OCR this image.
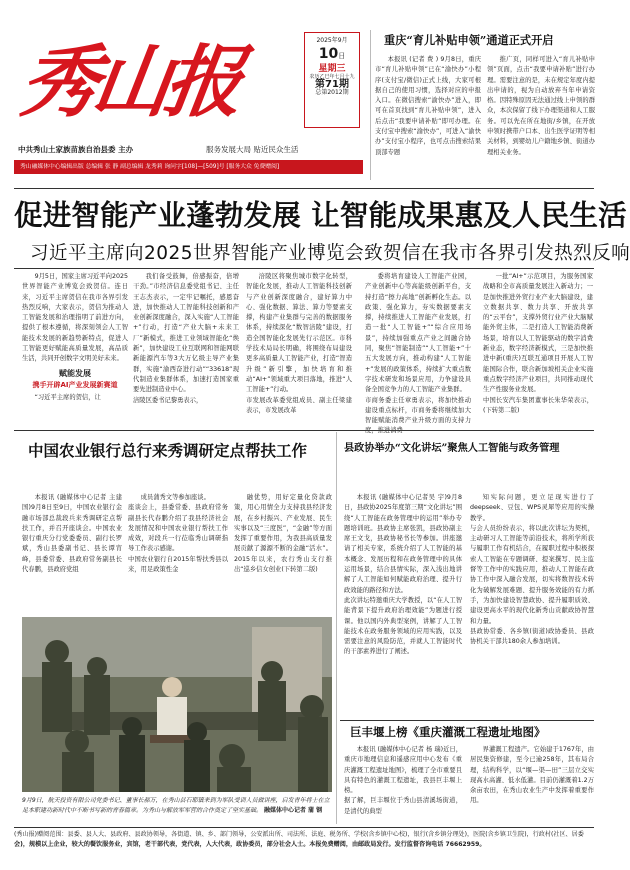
秀山报	2025年9月
10日
星期三
农历乙巳年七月十九
第71期
总第2012期
中共秀山土家族苗族自治县委 主办	服务发展大局 贴近民众生活
秀山融媒体中心编辑出版 总编辑 张 静 副总编辑 龙秀莉 询问字[108]—[509]号 [服务大众 免费赠阅]
重庆“育儿补贴申领”通道正式开启

本报讯 (记者 费 ) 9月8日，重庆市“育儿补贴申领”已在“渝快办”小程序(支付宝/微信)正式上线，大家可根据自己的使用习惯，选择对应的申报入口。在微信搜索“渝快办”进入，即可在首页找到“育儿补贴申领”，进入后点击“我要申请补贴”即可办理。在支付宝中搜索“渝快办”，可进入“渝快办”支付宝小程序，也可点击搜索结果顶部专题

推广页，同样可进入“育儿补贴申领”页面，点击“我要申请补贴”进行办理。需要注意的是，未在规定年度内提出申请的，视为自动放弃当年申请资格。因特殊原因无法通过线上申领的群众，本次保留了线下办理渠道和人工服务。可以先在所在地街/乡镇，在开放申领时携带户口本、出生医学证明等相关材料，到婴幼儿户籍地乡镇、街道办理相关业务。

促进智能产业蓬勃发展 让智能成果惠及人民生活
习近平主席向2025世界智能产业博览会致贺信在我市各界引发热烈反响

9月5日，国家主席习近平向2025世界智能产业博览会致贺信。连日来，习近平主席贺信在我市各界引发热烈反响，大家表示，贺信为推动人工智能发展和治理指明了前进方向，提供了根本遵循，将深刻领会人工智能技术发展的新趋势新特点，促进人工智能更好赋能高质量发展，高品质生活，共同开创数字文明美好未来。

赋能发展
携手开辟AI产业发展新赛道

“习近平主席的贺信，让

我们备受鼓舞，倍感振奋，倍增干劲。”市经济信息委党组书记、主任王志杰表示，一定牢记嘱托，感恩奋进，加快推动人工智能科技创新和产业创新深度融合，深入实施“人工智能+”行动，打造“产业大脑+未来工厂”新模式，推进工业领域智能化“焕新”，加快建设工业互联网和智能网联新能源汽车等3大万亿级主导产业集群，实施“渝西奋进行动”“33618”现代制造业集群体系，加速打造国家重要先进制造业中心。
涪陵区委书记黎勇表示，

涪陵区将聚焦城市数字化转型，智能化发展，推动人工智能科技创新与产业创新深度融合，建好算力中心、强化数据、算法、算力等要素支撑，构建产业集群与完善的数据服务体系，持续深化“数智涪陵”建设，打造全国智能化发展先行示范区。市科学技术局局长明确，将围绕布局建设更多高质量人工智能产业，打造“智造升级”新引擎，加快培育和推动“AI+”领域重大项目落地，推进“人工智能+”行动。
市发展改革委党组成员、副主任梁建表示，市发展改革

委将培育建设人工智能产业园，产业创新中心等高能级创新平台，支持打造“擦力高地”创新孵化生态。以政策、强化算力，夯实数据要素支撑，持续推进人工智能产业发展，打造一批“人工智能+”“综合应用场景”，持续加强重点产业之间融合协同，聚焦“智能制造”“人工智能+”十五大发展方向，推动构建“人工智能+”发展的政策体系，持续扩大重点数字技术研发和场景应用，力争建设具备全国竞争力的人工智能产业集群。
市商务委主任章勇表示，将加快推动建设重点标杆，市商务委将继续加大智能赋能消费产业升级方面的支持力

一批“AI+”示范项目，为服务国家战略和全市高质量发展注入新动力；一是加快推进外贸行业产业大脑建设，建立数据共享、数力共享、开放共享的“云平台”，支撑外贸行业产业大脑赋能外贸主体，二是打造人工智能消费新场景，培育以人工智能驱动的数字消费新业态，数字经济新模式，三是加快推进中新(重庆)互联互通项目开展人工智能国际合作，联合新加坡相关企业实施重点数字经济产业项目，共同推动现代生产性服务业发展。
中国长安汽车集团董事长朱华荣表示，(下转第二版)

中国农业银行总行来秀调研定点帮扶工作

本报讯 (融媒体中心记者 主建国)9月8日至9日，中国农业银行金融市场部总裁段兵来秀调研定点帮扶工作，并召开座谈会。中国农业银行重庆分行党委委员、副行长罗斌，秀山县委副书记、县长谭宵峰，县委常委、县政府常务副县长代春鹏，县政府党组

成员蒲秀文等参加座谈。
座谈会上，县委常委、县政府常务副县长代春鹏介绍了我县经济社会发展情况和中国农业银行帮扶工作成效，对段兵一行莅临秀山调研指导工作表示感谢。
中国农业银行自2015年帮扶秀县以来，用足政策性金

融优势，用好定量化贷款政策，用心用情全力支持我县经济发展，在乡村振兴、产业发展、民生实事以及“三度医”，“金融”等方面发挥了重要作用，为我县高质量发展贡献了源源不断的金融“活水”。2015年以来，农行秀山支行推出“巡乡信女创业(下转第二版)

9月9日，航天投资有限公司党委书记、董事长郝万，在秀山县石耶镇来到为军队受训人员做讲座，启发青年将士在立足本职建功新时代中不断书写新的青春篇章。为秀山与解放军军营的合作奠定了坚实基础。 融媒体中心记者 蒲 钢
县政协举办“文化讲坛”聚焦人工智能与政务管理

本报讯 (融媒体中心记者吴 宇)9月8日，县政协2025年度第三期“文化讲坛”围绕“人工智能在政务管理中的运用”举办专题培训班。县政协主席张凯，县政协副主席王文戈，县政协秘书长等参加。讲座邀请了相关专家，系统介绍了人工智能的基本概念、发展历程和在政务管理中的具体运用场景，结合县情实际，深入浅出地讲解了人工智能如何赋能政府治理、提升行政效能的路径和方法。
此次讲坛特邀重庆大学教授，以“在人工智能背景下提升政府治理效能”为题进行授课。他以国内外典型案例，讲解了人工智能技术在政务服务领域的应用实践，以及需要注意的风险防范，并就人工智能时代的干部素养进行了阐述。

知实际问题，更立足现实进行了deepseek、豆包、WPS灵犀等应用的实操教学。
与会人员纷纷表示，将以此次讲坛为契机，主动研习人工智能等前沿技术，将所学所获与履职工作有机结合，在履职过程中积极探索人工智能在专题调研、提案撰写、民主监督等工作中的实践应用，推动人工智能在政协工作中深入融合发展，切实将数智技术转化为破解发展难题、提升服务效能的有力抓手，为加快建设智慧政协、提升履职质效、建设更高水平的现代化新秀山贡献政协智慧和力量。
县政协常委、各乡镇(街道)政协委员、县政协机关干部共180余人参加培训。

巨丰堰上榜《重庆灌溉工程遗址地图》

本报讯 (融媒体中心记者 杨 瑞)近日，重庆市地理信息和遥感应用中心发布《重庆灌溉工程遗址地图》，梳理了全市重要且具有特色的灌溉工程遗址，我县巨丰堰上榜。
据了解，巨丰堰位于秀山县清溪场街道，是清代的典型

界灌溉工程遗产。它始建于1767年，由居民集资修建，至今已逾258年，其布局合理，结构科学，以“堰—渠—田”三层立交实现高水高灌、低水低灌。目前仍灌溉着1.2万余亩农田，在秀山农业生产中发挥着重要作用。

(秀山报)赠阅范围：县委、县人大、县政府、县政协领导，各街道、镇、乡、部门领导，公安派出所、司法所、法庭、税务所、学校(含乡镇中心校)，银行(含乡镇分理处)，医院(含乡镇卫生院)，行政村(社区、居委
会)，规模以上企业，较大的餐饮服务业，宾馆，老干部代表，党代表，人大代表，政协委员，部分社会人士。本报免费赠阅，由邮政局发行。发行监督咨询电话 76662959。
